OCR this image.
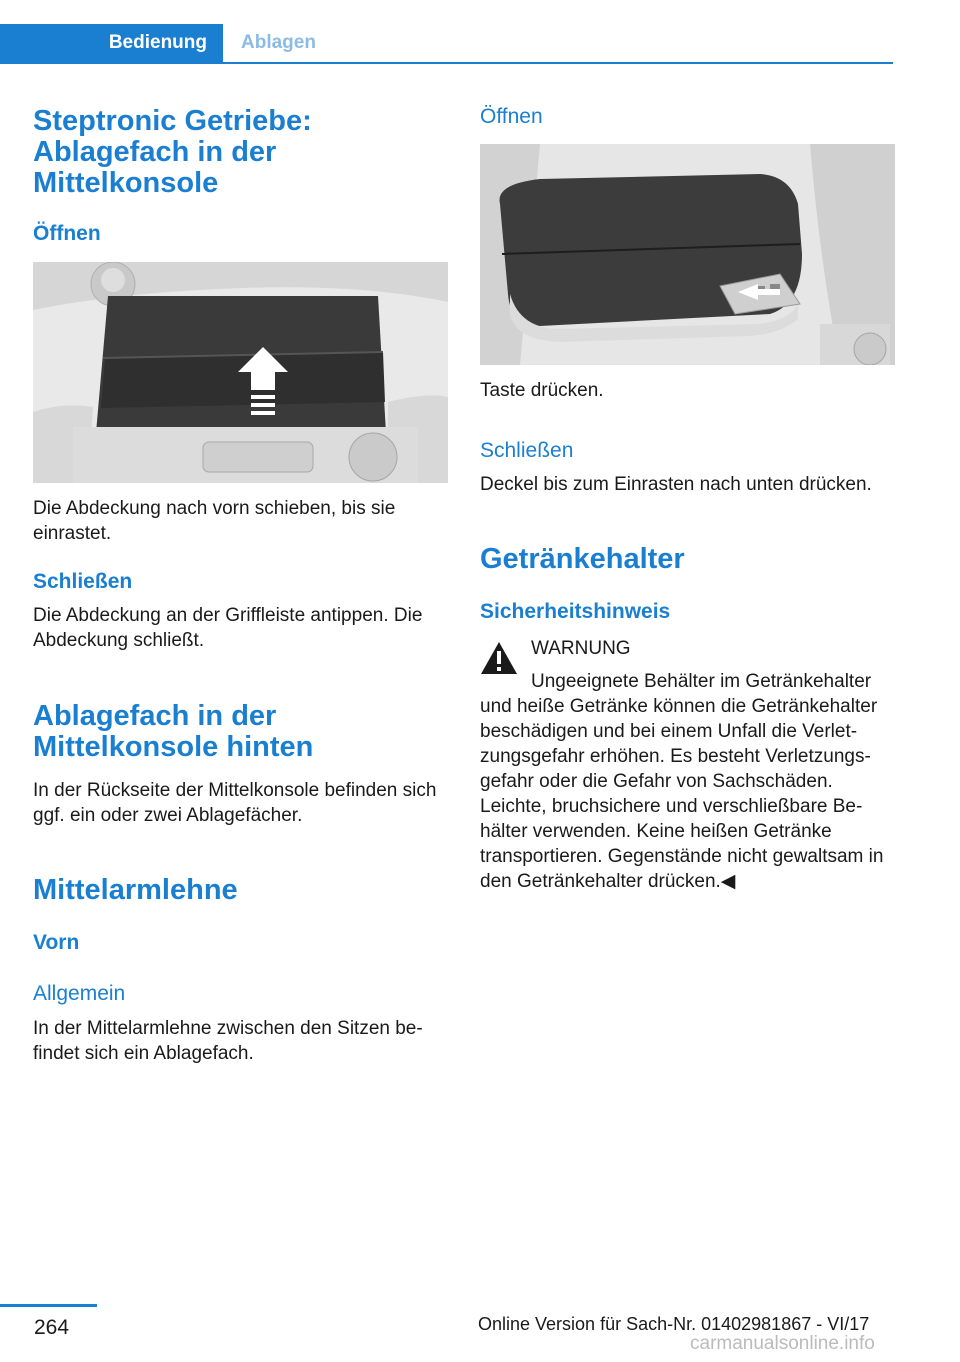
Bedienung	Ablagen
Steptronic Getriebe: Ablagefach in der Mittelkonsole
Öffnen

Die Abdeckung nach vorn schieben, bis sie einrastet.

Schließen

Die Abdeckung an der Griffleiste antippen. Die Abdeckung schließt.

Ablagefach in der Mittelkonsole hinten

In der Rückseite der Mittelkonsole befinden sich ggf. ein oder zwei Ablagefächer.

Mittelarmlehne
Vorn
Allgemein

In der Mittelarmlehne zwischen den Sitzen befindet sich ein Ablagefach.

Öffnen

Taste drücken.

Schließen

Deckel bis zum Einrasten nach unten drücken.

Getränkehalter
Sicherheitshinweis

WARNUNG

Ungeeignete Behälter im Getränkehalter und heiße Getränke können die Getränkehalter beschädigen und bei einem Unfall die Verletzungsgefahr erhöhen. Es besteht Verletzungsgefahr oder die Gefahr von Sachschäden. Leichte, bruchsichere und verschließbare Behälter verwenden. Keine heißen Getränke transportieren. Gegenstände nicht gewaltsam in den Getränkehalter drücken.◀

264	Online Version für Sach-Nr. 01402981867 - VI/17
carmanualsonline.info
